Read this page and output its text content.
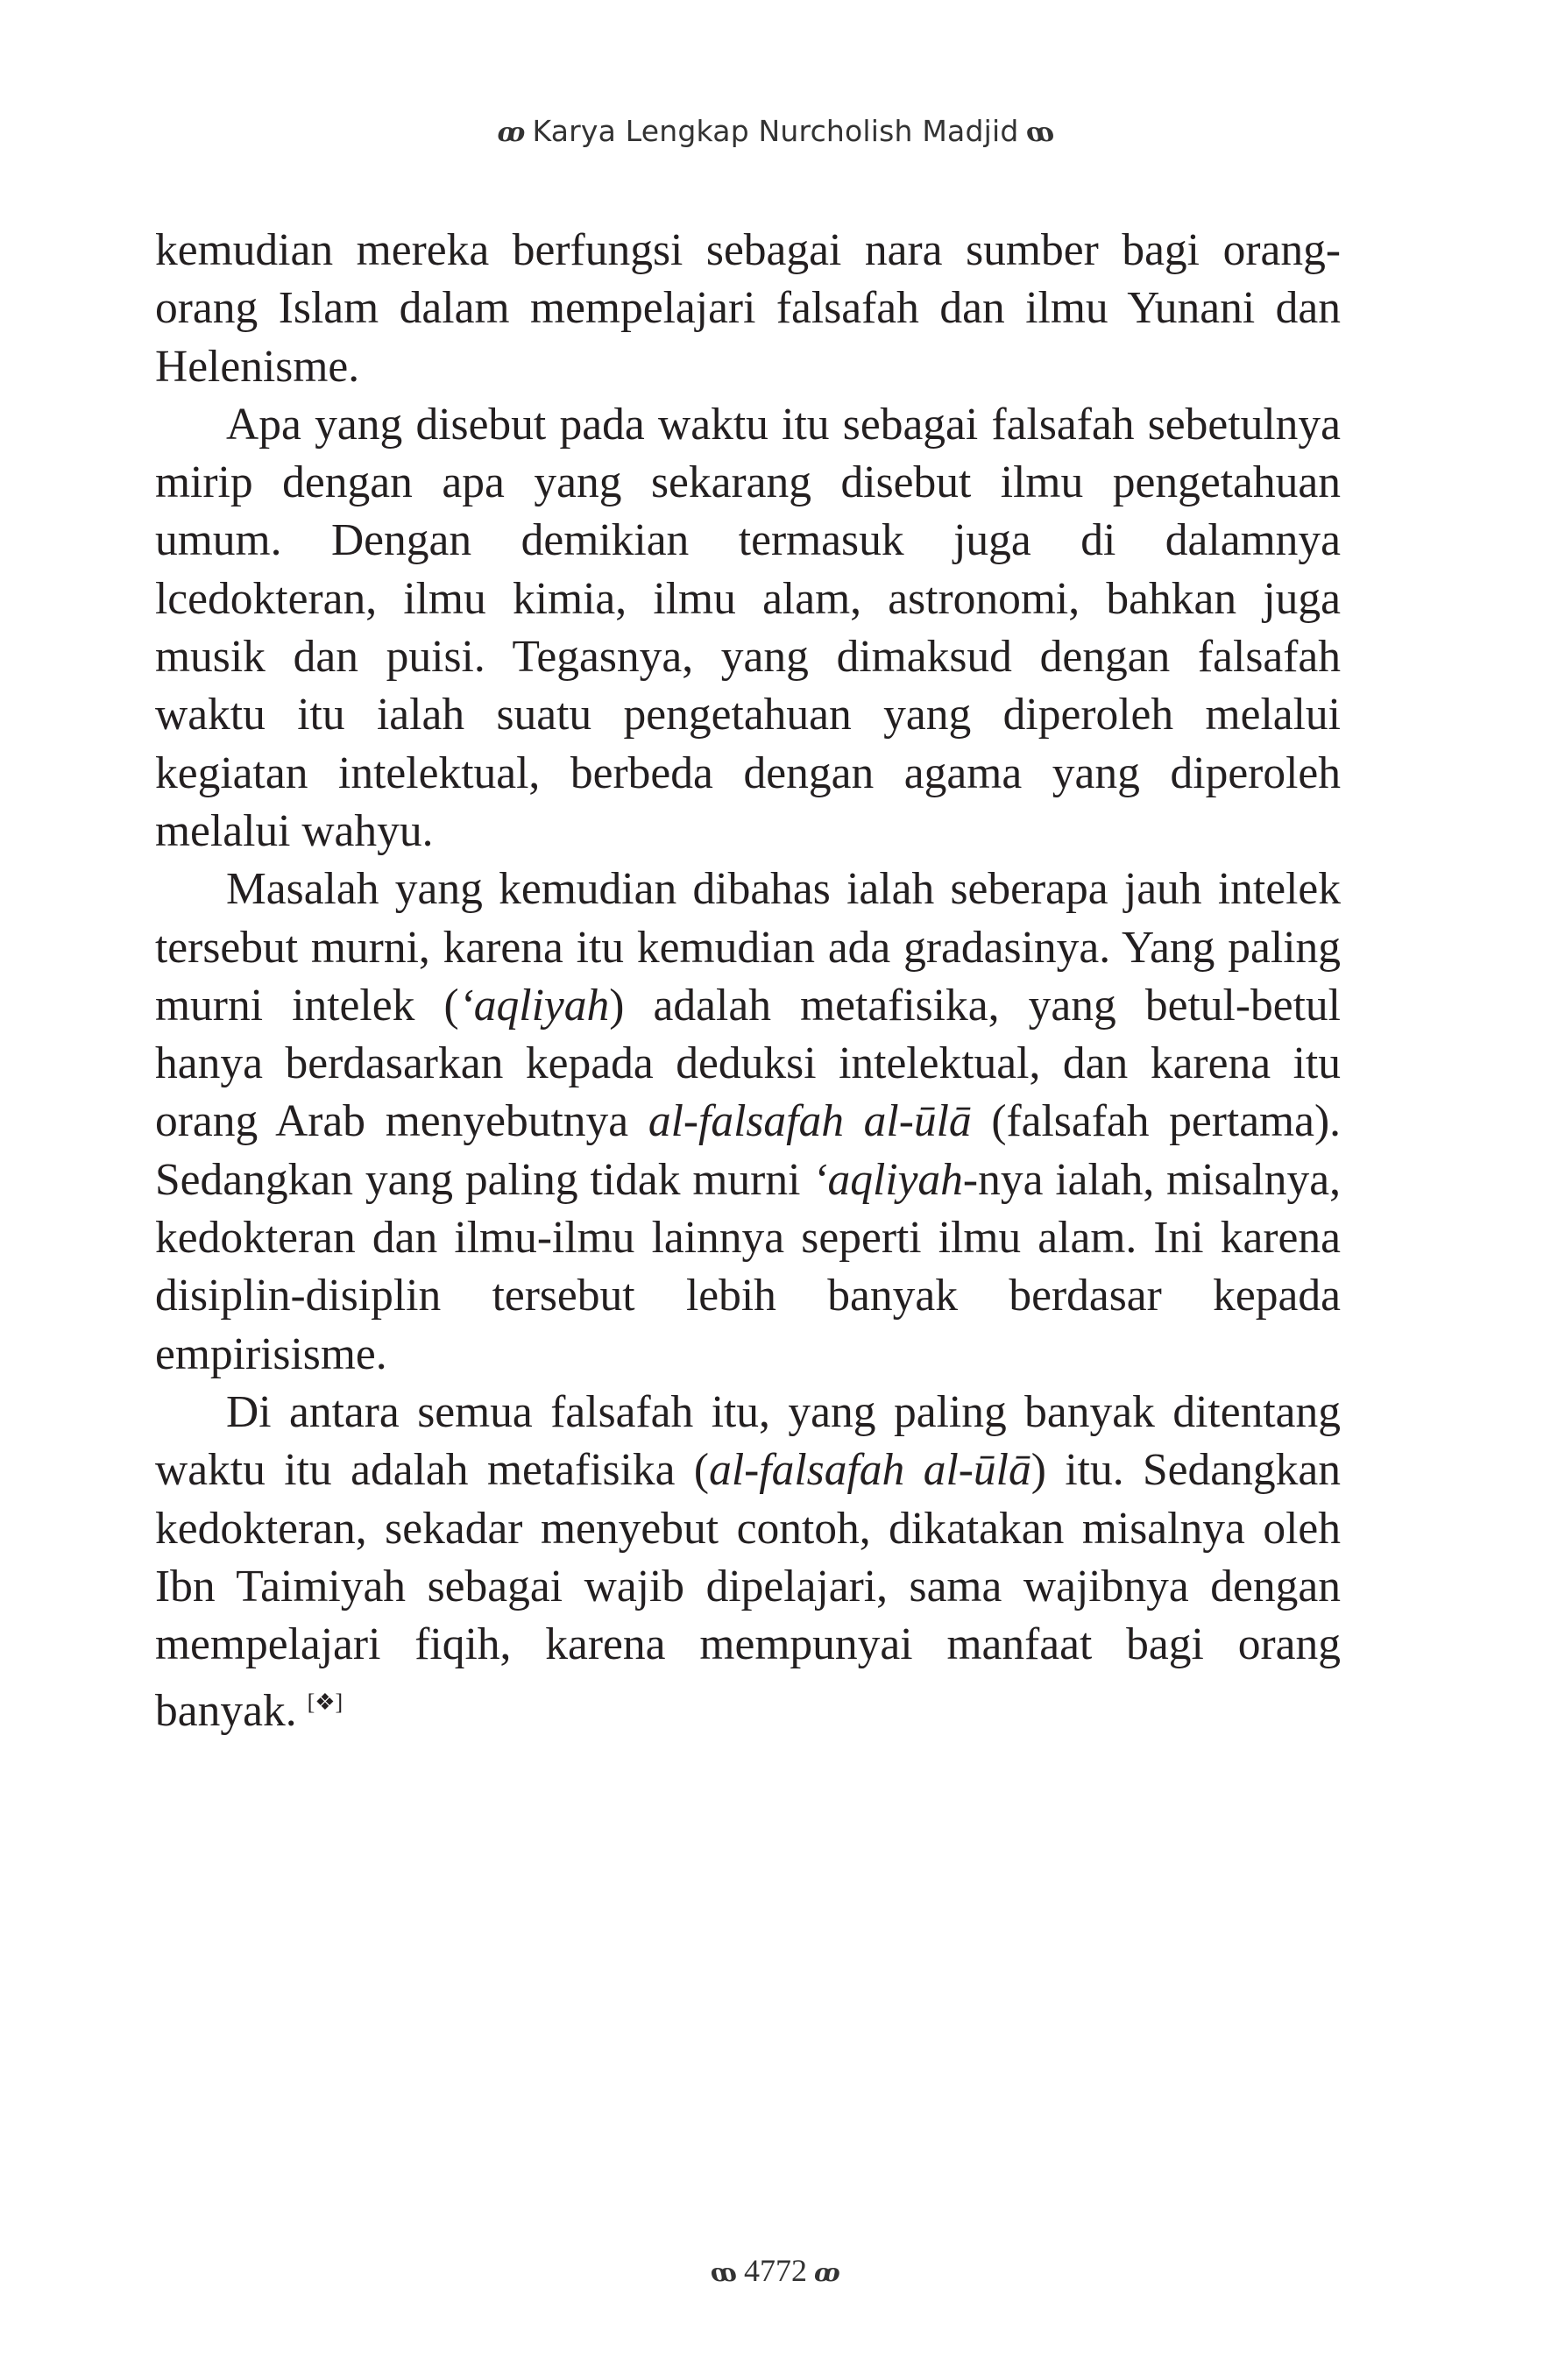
ꝏ Karya Lengkap Nurcholish Madjid ꝏ

kemudian mereka berfungsi sebagai nara sumber bagi orang-orang Islam dalam mempelajari falsafah dan ilmu Yunani dan Helenisme.

Apa yang disebut pada waktu itu sebagai falsafah sebetulnya mirip dengan apa yang sekarang disebut ilmu pengetahuan umum. Dengan demikian termasuk juga di dalamnya lcedokteran, ilmu kimia, ilmu alam, astronomi, bahkan juga musik dan puisi. Tegasnya, yang dimaksud dengan falsafah waktu itu ialah suatu pengetahuan yang diperoleh melalui kegiatan intelektual, berbeda dengan agama yang diperoleh melalui wahyu.

Masalah yang kemudian dibahas ialah seberapa jauh intelek tersebut murni, karena itu kemudian ada gradasinya. Yang paling murni intelek (‘aqliyah) adalah metafisika, yang betul-betul hanya berdasarkan kepada deduksi intelektual, dan karena itu orang Arab menyebutnya al-falsafah al-ūlā (falsafah pertama). Sedangkan yang paling tidak murni ‘aqliyah-nya ialah, misalnya, kedokteran dan ilmu-ilmu lainnya seperti ilmu alam. Ini karena disiplin-disiplin tersebut lebih banyak berdasar kepada empirisisme.

Di antara semua falsafah itu, yang paling banyak ditentang waktu itu adalah metafisika (al-falsafah al-ūlā) itu. Sedangkan kedokteran, sekadar menyebut contoh, dikatakan misalnya oleh Ibn Taimiyah sebagai wajib dipelajari, sama wajibnya dengan mempelajari fiqih, karena mempunyai manfaat bagi orang banyak. [❖]

ꝏ 4772 ꝏ
